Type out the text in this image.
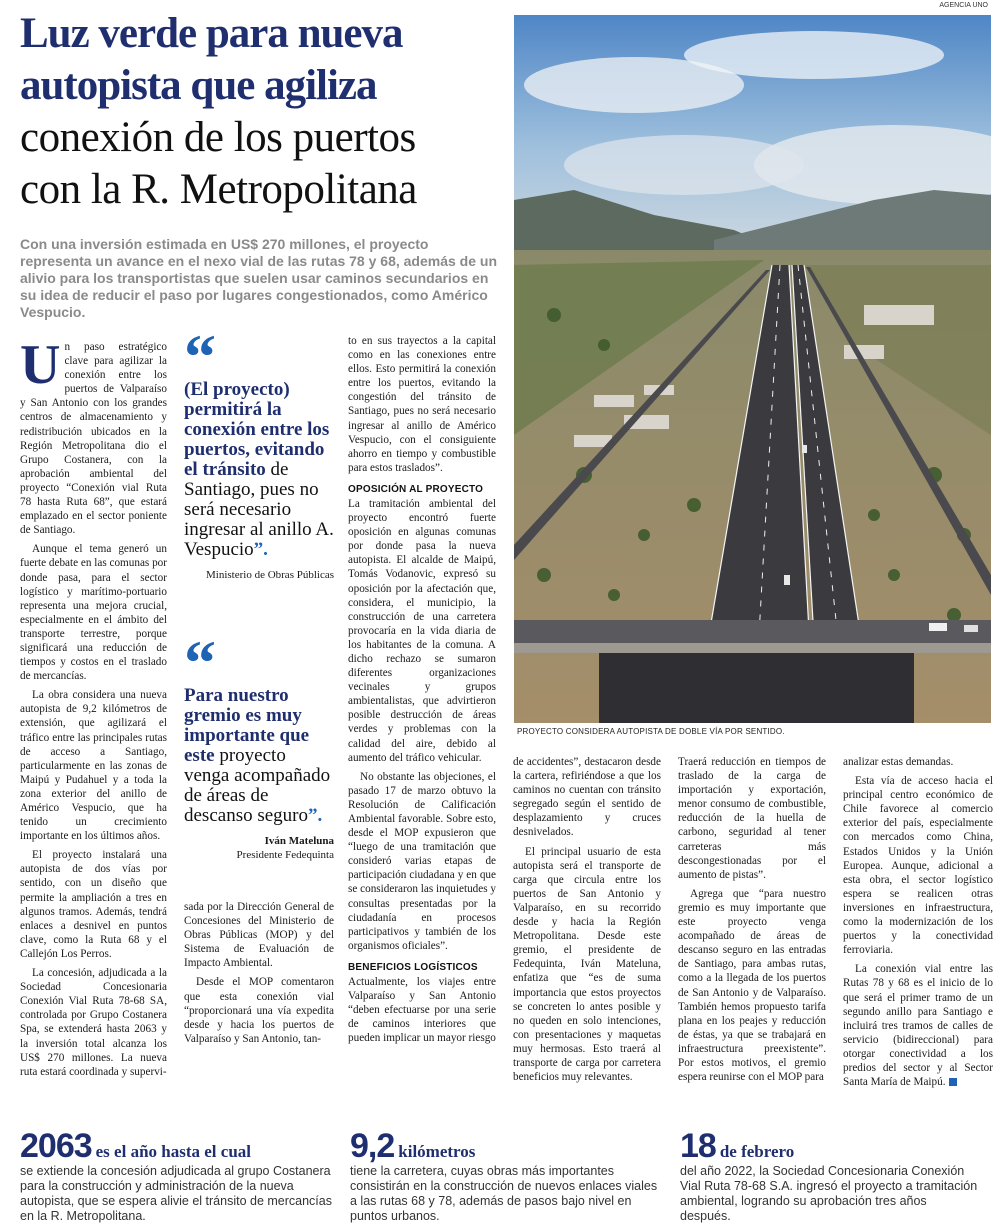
AGENCIA UNO
Luz verde para nueva
autopista que agiliza
conexión de los puertos
con la R. Metropolitana

Con una inversión estimada en US$ 270 millones, el proyecto representa un avance en el nexo vial de las rutas 78 y 68, además de un alivio para los transportistas que suelen usar caminos secundarios en su idea de reducir el paso por lugares congestionados, como Américo Vespucio.

PROYECTO CONSIDERA AUTOPISTA DE DOBLE VÍA POR SENTIDO.

Un paso estratégico clave para agilizar la conexión entre los puertos de Valparaíso y San Antonio con los grandes centros de almacenamiento y redistribución ubicados en la Región Metropolitana dio el Grupo Costanera, con la aprobación ambiental del proyecto “Conexión vial Ruta 78 hasta Ruta 68”, que estará emplazado en el sector poniente de Santiago.

Aunque el tema generó un fuerte debate en las comunas por donde pasa, para el sector logístico y marítimo-portuario representa una mejora crucial, especialmente en el ámbito del transporte terrestre, porque significará una reducción de tiempos y costos en el traslado de mercancías.

La obra considera una nueva autopista de 9,2 kilómetros de extensión, que agilizará el tráfico entre las principales rutas de acceso a Santiago, particularmente en las zonas de Maipú y Pudahuel y a toda la zona exterior del anillo de Américo Vespucio, que ha tenido un crecimiento importante en los últimos años.

El proyecto instalará una autopista de dos vías por sentido, con un diseño que permite la ampliación a tres en algunos tramos. Además, tendrá enlaces a desnivel en puntos clave, como la Ruta 68 y el Callejón Los Perros.

La concesión, adjudicada a la Sociedad Concesionaria Conexión Vial Ruta 78-68 SA, controlada por Grupo Costanera Spa, se extenderá hasta 2063 y la inversión total alcanza los US$ 270 millones. La nueva ruta estará coordinada y supervi-

“

(El proyecto) permitirá la conexión entre los puertos, evitando el tránsito de Santiago, pues no será necesario ingresar al anillo A. Vespucio”.

Ministerio de Obras Públicas
“

Para nuestro gremio es muy importante que este proyecto venga acompañado de áreas de descanso seguro”.

Iván Mateluna
Presidente Fedequinta

sada por la Dirección General de Concesiones del Ministerio de Obras Públicas (MOP) y del Sistema de Evaluación de Impacto Ambiental.

Desde el MOP comentaron que esta conexión vial “proporcionará una vía expedita desde y hacia los puertos de Valparaíso y San Antonio, tan-

to en sus trayectos a la capital como en las conexiones entre ellos. Esto permitirá la conexión entre los puertos, evitando la congestión del tránsito de Santiago, pues no será necesario ingresar al anillo de Américo Vespucio, con el consiguiente ahorro en tiempo y combustible para estos traslados”.

OPOSICIÓN AL PROYECTO

La tramitación ambiental del proyecto encontró fuerte oposición en algunas comunas por donde pasa la nueva autopista. El alcalde de Maipú, Tomás Vodanovic, expresó su oposición por la afectación que, considera, el municipio, la construcción de una carretera provocaría en la vida diaria de los habitantes de la comuna. A dicho rechazo se sumaron diferentes organizaciones vecinales y grupos ambientalistas, que advirtieron posible destrucción de áreas verdes y problemas con la calidad del aire, debido al aumento del tráfico vehicular.

No obstante las objeciones, el pasado 17 de marzo obtuvo la Resolución de Calificación Ambiental favorable. Sobre esto, desde el MOP expusieron que “luego de una tramitación que consideró varias etapas de participación ciudadana y en que se consideraron las inquietudes y consultas presentadas por la ciudadanía en procesos participativos y también de los organismos oficiales”.

BENEFICIOS LOGÍSTICOS

Actualmente, los viajes entre Valparaíso y San Antonio “deben efectuarse por una serie de caminos interiores que pueden implicar un mayor riesgo

de accidentes”, destacaron desde la cartera, refiriéndose a que los caminos no cuentan con tránsito segregado según el sentido de desplazamiento y cruces desnivelados.

El principal usuario de esta autopista será el transporte de carga que circula entre los puertos de San Antonio y Valparaíso, en su recorrido desde y hacia la Región Metropolitana. Desde este gremio, el presidente de Fedequinta, Iván Mateluna, enfatiza que “es de suma importancia que estos proyectos se concreten lo antes posible y no queden en solo intenciones, con presentaciones y maquetas muy hermosas. Esto traerá al transporte de carga por carretera beneficios muy relevantes.

Traerá reducción en tiempos de traslado de la carga de importación y exportación, menor consumo de combustible, reducción de la huella de carbono, seguridad al tener carreteras más descongestionadas por el aumento de pistas”.

Agrega que “para nuestro gremio es muy importante que este proyecto venga acompañado de áreas de descanso seguro en las entradas de Santiago, para ambas rutas, como a la llegada de los puertos de San Antonio y de Valparaíso. También hemos propuesto tarifa plana en los peajes y reducción de éstas, ya que se trabajará en infraestructura preexistente”. Por estos motivos, el gremio espera reunirse con el MOP para

analizar estas demandas.

Esta vía de acceso hacia el principal centro económico de Chile favorece al comercio exterior del país, especialmente con mercados como China, Estados Unidos y la Unión Europea. Aunque, adicional a esta obra, el sector logístico espera se realicen otras inversiones en infraestructura, como la modernización de los puertos y la conectividad ferroviaria.

La conexión vial entre las Rutas 78 y 68 es el inicio de lo que será el primer tramo de un segundo anillo para Santiago e incluirá tres tramos de calles de servicio (bidireccional) para otorgar conectividad a los predios del sector y al Sector Santa María de Maipú.

2063 es el año hasta el cual
se extiende la concesión adjudicada al grupo Costanera para la construcción y administración de la nueva autopista, que se espera alivie el tránsito de mercancías en la R. Metropolitana.
9,2 kilómetros
tiene la carretera, cuyas obras más importantes consistirán en la construcción de nuevos enlaces viales a las rutas 68 y 78, además de pasos bajo nivel en puntos urbanos.
18 de febrero
del año 2022, la Sociedad Concesionaria Conexión Vial Ruta 78-68 S.A. ingresó el proyecto a tramitación ambiental, logrando su aprobación tres años después.
